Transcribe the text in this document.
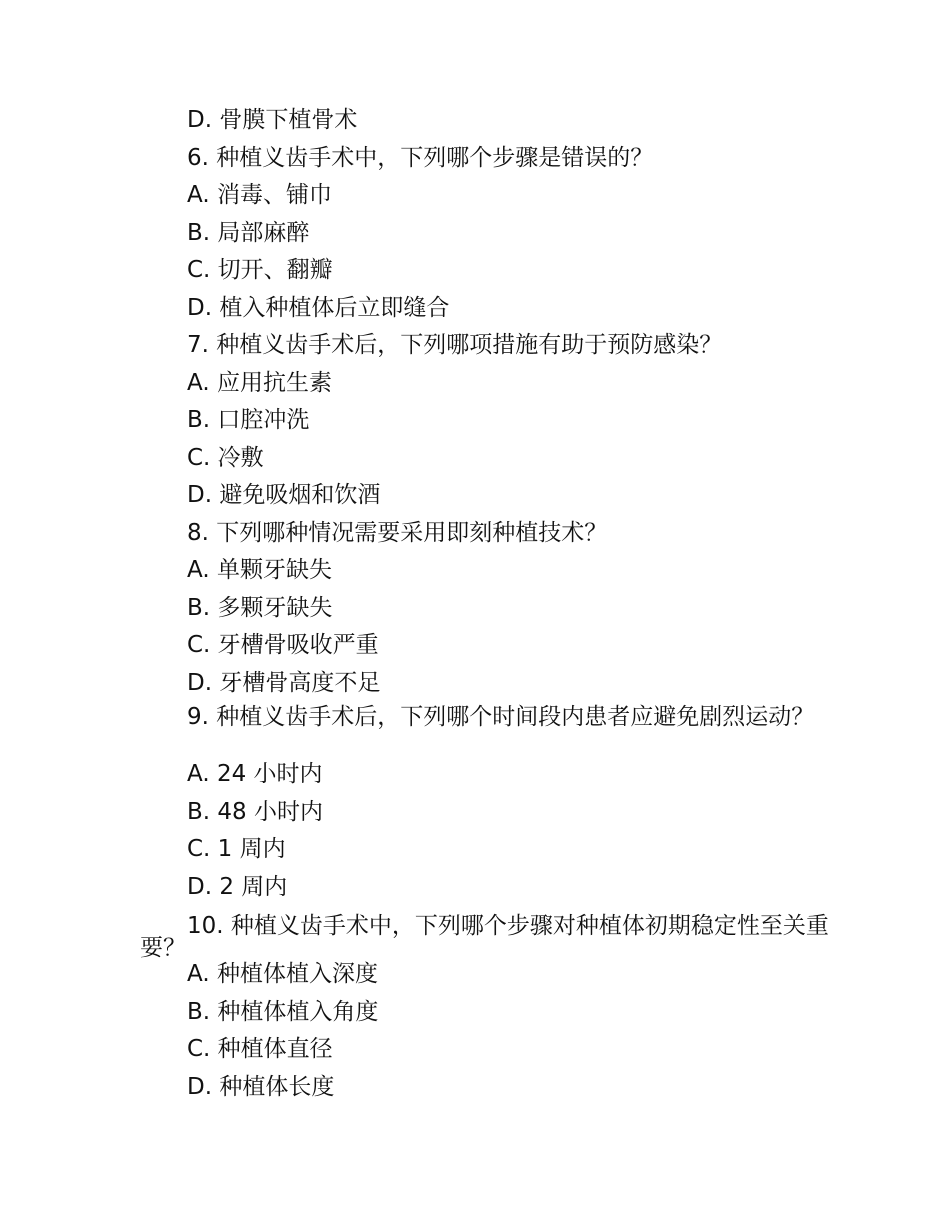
D. 骨膜下植骨术
6. 种植义齿手术中，下列哪个步骤是错误的？
A. 消毒、铺巾
B. 局部麻醉
C. 切开、翻瓣
D. 植入种植体后立即缝合
7. 种植义齿手术后，下列哪项措施有助于预防感染？
A. 应用抗生素
B. 口腔冲洗
C. 冷敷
D. 避免吸烟和饮酒
8. 下列哪种情况需要采用即刻种植技术？
A. 单颗牙缺失
B. 多颗牙缺失
C. 牙槽骨吸收严重
D. 牙槽骨高度不足
9. 种植义齿手术后，下列哪个时间段内患者应避免剧烈运动？
A. 24 小时内
B. 48 小时内
C. 1 周内
D. 2 周内
10. 种植义齿手术中，下列哪个步骤对种植体初期稳定性至关重要？
A. 种植体植入深度
B. 种植体植入角度
C. 种植体直径
D. 种植体长度
